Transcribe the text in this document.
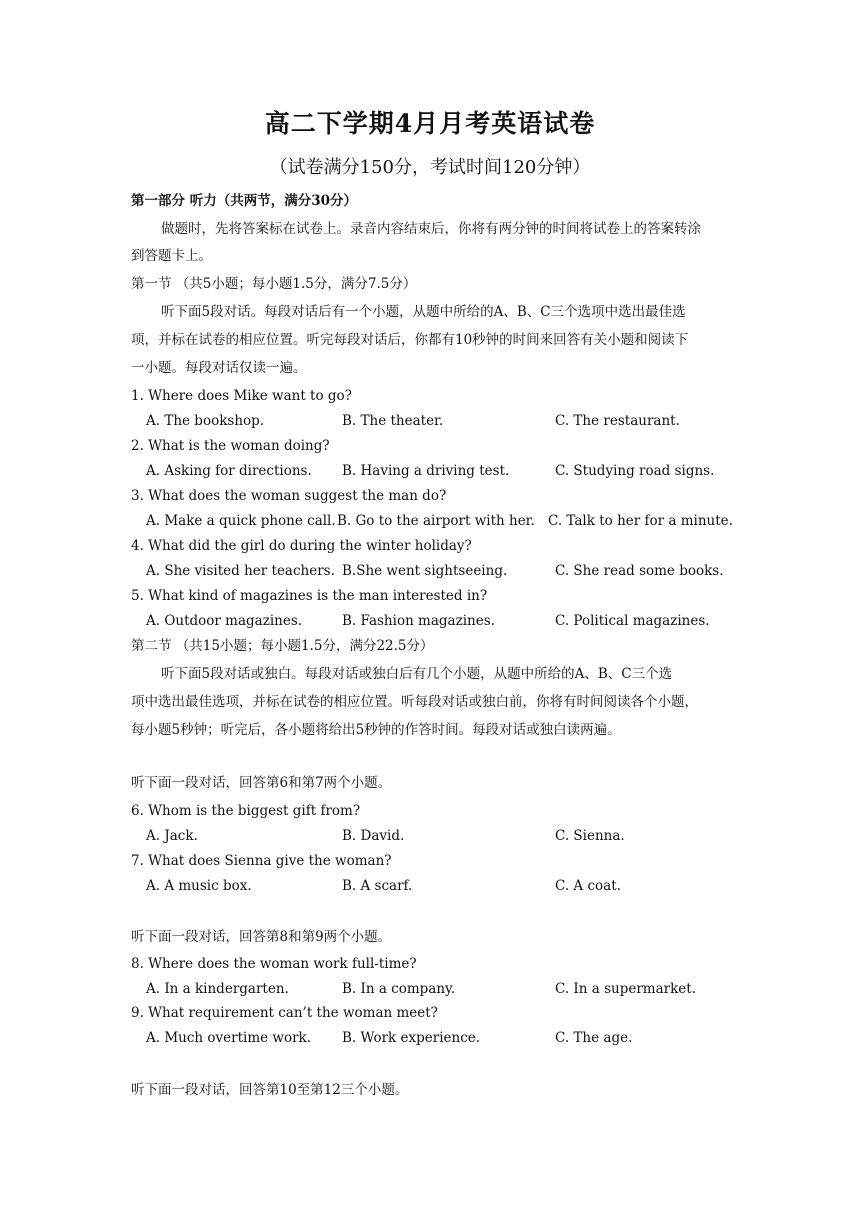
高二下学期4月月考英语试卷
（试卷满分150分，考试时间120分钟）
第一部分 听力（共两节，满分30分）
做题时，先将答案标在试卷上。录音内容结束后，你将有两分钟的时间将试卷上的答案转涂
到答题卡上。
第一节 （共5小题；每小题1.5分，满分7.5分）
听下面5段对话。每段对话后有一个小题，从题中所给的A、B、C三个选项中选出最佳选
项，并标在试卷的相应位置。听完每段对话后，你都有10秒钟的时间来回答有关小题和阅读下
一小题。每段对话仅读一遍。
1. Where does Mike want to go?
A. The bookshop.	B. The theater.	C. The restaurant.
2. What is the woman doing?
A. Asking for directions. B. Having a driving test.	C. Studying road signs.
3. What does the woman suggest the man do?
A. Make a quick phone call. B. Go to the airport with her. C. Talk to her for a minute.
4. What did the girl do during the winter holiday?
A. She visited her teachers. B.She went sightseeing.	C. She read some books.
5. What kind of magazines is the man interested in?
A. Outdoor magazines.	B. Fashion magazines.	C. Political magazines.
第二节 （共15小题；每小题1.5分，满分22.5分）
听下面5段对话或独白。每段对话或独白后有几个小题，从题中所给的A、B、C三个选
项中选出最佳选项，并标在试卷的相应位置。听每段对话或独白前，你将有时间阅读各个小题，
每小题5秒钟；听完后，各小题将给出5秒钟的作答时间。每段对话或独白读两遍。
听下面一段对话，回答第6和第7两个小题。
6. Whom is the biggest gift from?
A. Jack.	B. David.	C. Sienna.
7. What does Sienna give the woman?
A. A music box.	B. A scarf.	C. A coat.
听下面一段对话，回答第8和第9两个小题。
8. Where does the woman work full-time?
A. In a kindergarten.	B. In a company.	C. In a supermarket.
9. What requirement can’t the woman meet?
A. Much overtime work. B. Work experience.	C. The age.
听下面一段对话，回答第10至第12三个小题。
